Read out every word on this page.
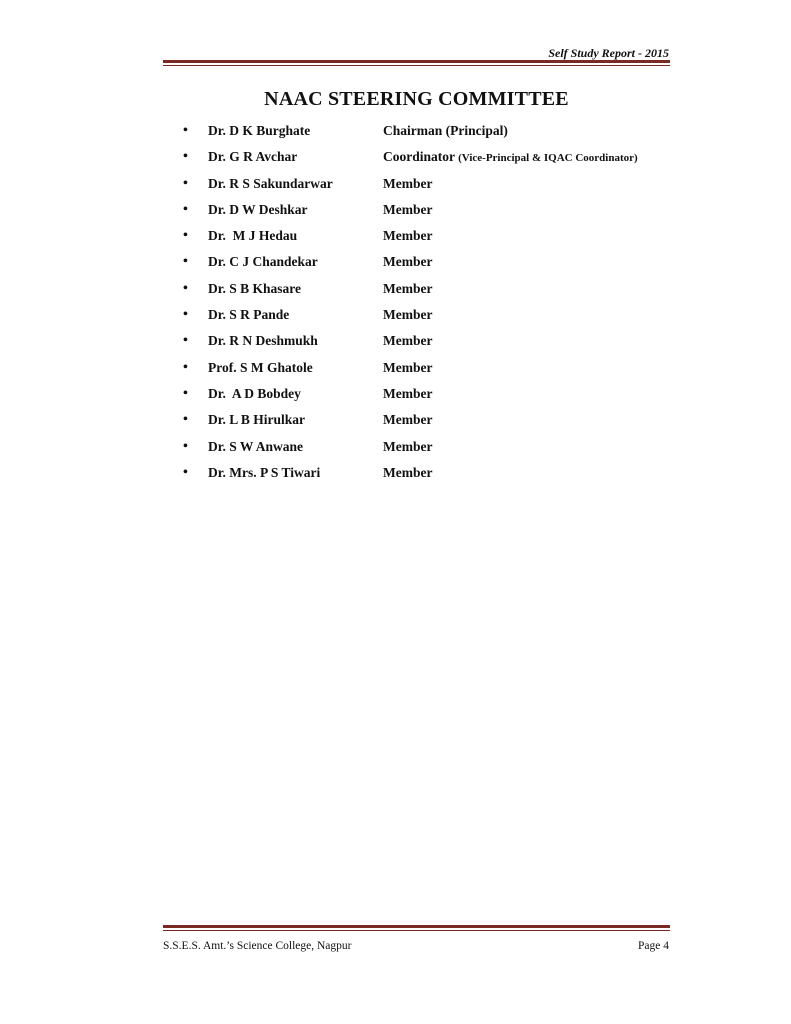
Self Study Report - 2015
NAAC STEERING COMMITTEE
• Dr. D K Burghate	Chairman (Principal)
• Dr. G R Avchar	Coordinator (Vice-Principal & IQAC Coordinator)
• Dr. R S Sakundarwar	Member
• Dr. D W Deshkar	Member
• Dr.  M J Hedau	Member
• Dr. C J Chandekar	Member
• Dr. S B Khasare	Member
• Dr. S R Pande	Member
• Dr. R N Deshmukh	Member
• Prof. S M Ghatole	Member
• Dr.  A D Bobdey	Member
• Dr. L B Hirulkar	Member
• Dr. S W Anwane	Member
• Dr. Mrs. P S Tiwari	Member
S.S.E.S. Amt.’s Science College, Nagpur	Page 4
